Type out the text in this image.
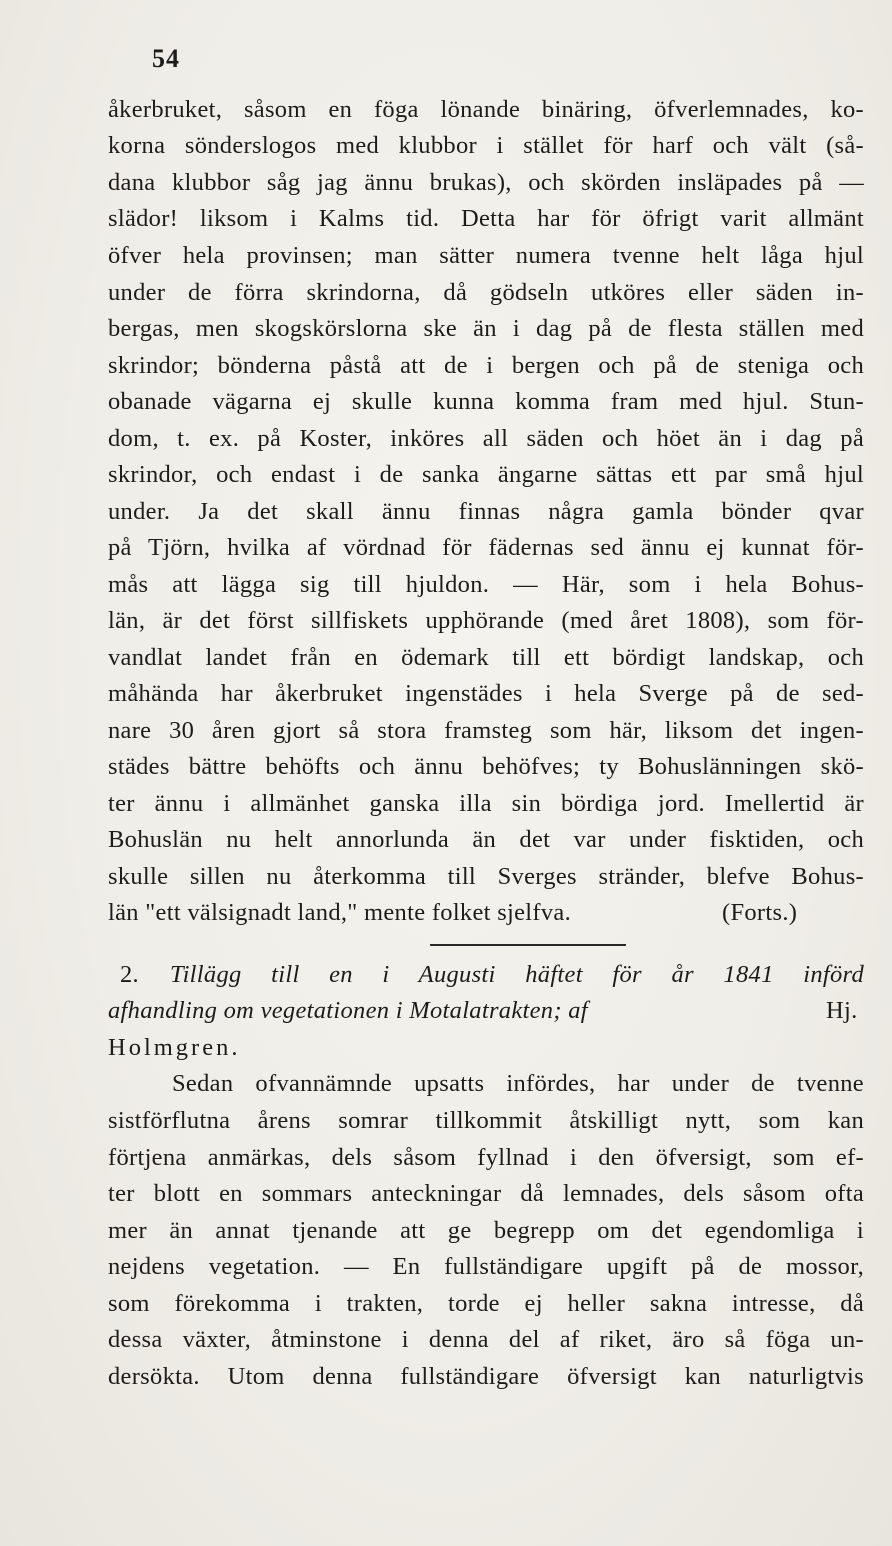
54
åkerbruket, såsom en föga lönande binäring, öfverlemnades, ko-
korna sönderslogos med klubbor i stället för harf och vält (så-
dana klubbor såg jag ännu brukas), och skörden insläpades på —
slädor! liksom i Kalms tid. Detta har för öfrigt varit allmänt
öfver hela provinsen; man sätter numera tvenne helt låga hjul
under de förra skrindorna, då gödseln utköres eller säden in-
bergas, men skogskörslorna ske än i dag på de flesta ställen med
skrindor; bönderna påstå att de i bergen och på de steniga och
obanade vägarna ej skulle kunna komma fram med hjul. Stun-
dom, t. ex. på Koster, inköres all säden och höet än i dag på
skrindor, och endast i de sanka ängarne sättas ett par små hjul
under. Ja det skall ännu finnas några gamla bönder qvar
på Tjörn, hvilka af vördnad för fädernas sed ännu ej kunnat för-
mås att lägga sig till hjuldon. — Här, som i hela Bohus-
län, är det först sillfiskets upphörande (med året 1808), som för-
vandlat landet från en ödemark till ett bördigt landskap, och
måhända har åkerbruket ingenstädes i hela Sverge på de sed-
nare 30 åren gjort så stora framsteg som här, liksom det ingen-
städes bättre behöfts och ännu behöfves; ty Bohuslänningen skö-
ter ännu i allmänhet ganska illa sin bördiga jord. Imellertid är
Bohuslän nu helt annorlunda än det var under fisktiden, och
skulle sillen nu återkomma till Sverges stränder, blefve Bohus-
län "ett välsignadt land," mente folket sjelfva.	(Forts.)
2. Tillägg till en i Augusti häftet för år 1841 införd
afhandling om vegetationen i Motalatrakten; af	Hj.
Holmgren.
Sedan ofvannämnde upsatts infördes, har under de tvenne
sistförflutna årens somrar tillkommit åtskilligt nytt, som kan
förtjena anmärkas, dels såsom fyllnad i den öfversigt, som ef-
ter blott en sommars anteckningar då lemnades, dels såsom ofta
mer än annat tjenande att ge begrepp om det egendomliga i
nejdens vegetation. — En fullständigare upgift på de mossor,
som förekomma i trakten, torde ej heller sakna intresse, då
dessa växter, åtminstone i denna del af riket, äro så föga un-
dersökta. Utom denna fullständigare öfversigt kan naturligtvis
